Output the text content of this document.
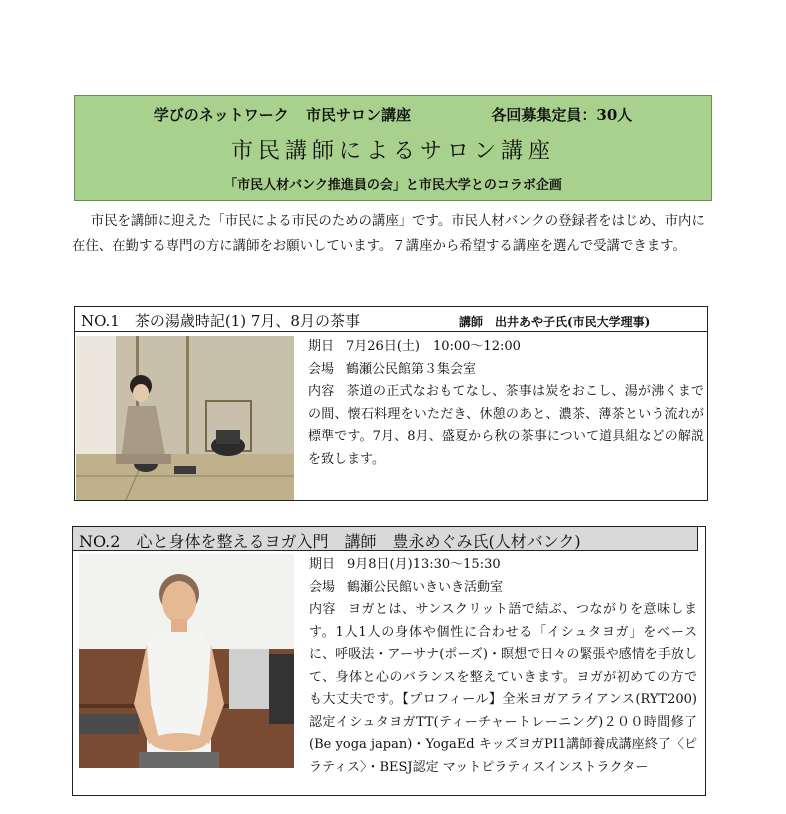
学びのネットワーク 市民サロン講座	各回募集定員：30人
市民講師によるサロン講座
「市民人材バンク推進員の会」と市民大学とのコラボ企画

市民を講師に迎えた「市民による市民のための講座」です。市民人材バンクの登録者をはじめ、市内に在住、在勤する専門の方に講師をお願いしています。７講座から希望する講座を選んで受講できます。

NO.1　茶の湯歳時記(1) 7月、8月の茶事	講師　出井あや子氏(市民大学理事)
期日 7月26日(土)　10:00～12:00
会場 鶴瀬公民館第３集会室
内容 茶道の正式なおもてなし、茶事は炭をおこし、湯が沸くまでの間、懐石料理をいただき、休憩のあと、濃茶、薄茶という流れが標準です。7月、8月、盛夏から秋の茶事について道具組などの解説を致します。
NO.2　心と身体を整えるヨガ入門　講師　豊永めぐみ氏(人材バンク)
期日 9月8日(月)13:30～15:30
会場 鶴瀬公民館いきいき活動室
内容 ヨガとは、サンスクリット語で結ぶ、つながりを意味します。1人1人の身体や個性に合わせる「イシュタヨガ」をベースに、呼吸法・アーサナ(ポーズ)・瞑想で日々の緊張や感情を手放して、身体と心のバランスを整えていきます。ヨガが初めての方でも大丈夫です。【プロフィール】全米ヨガアライアンス(RYT200)認定イシュタヨガTT(ティーチャートレーニング)２００時間修了(Be yoga japan)・YogaEd キッズヨガPI1講師養成講座終了〈ピラティス〉・BESJ認定 マットピラティスインストラクター
